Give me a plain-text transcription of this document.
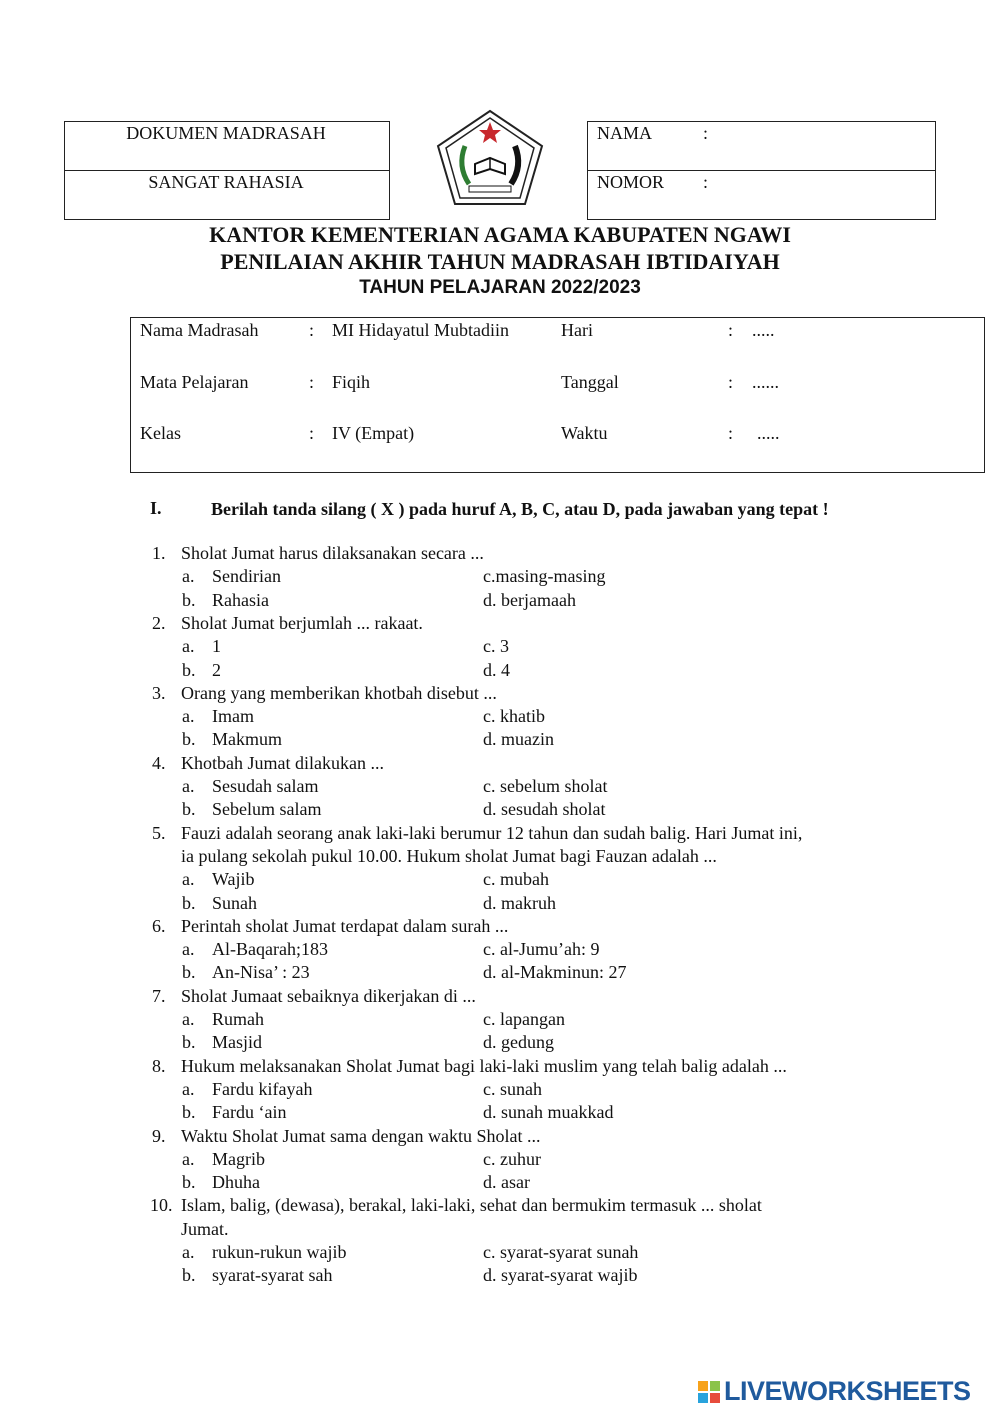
DOKUMEN MADRASAH
SANGAT RAHASIA
NAMA	:
NOMOR :
KANTOR KEMENTERIAN AGAMA KABUPATEN NGAWI
PENILAIAN AKHIR TAHUN MADRASAH IBTIDAIYAH
TAHUN PELAJARAN 2022/2023
Nama Madrasah	: MI Hidayatul Mubtadiin	Hari	: .....
Mata Pelajaran	: Fiqih	Tanggal	: ......
Kelas	: IV (Empat)	Waktu	: .....
I.	Berilah tanda silang ( X ) pada huruf A, B, C, atau D, pada jawaban yang tepat !
1. Sholat Jumat harus dilaksanakan secara ...
a. Sendirian	c.masing-masing
b. Rahasia	d. berjamaah
2. Sholat Jumat berjumlah ... rakaat.
a. 1	c. 3
b. 2	d. 4
3. Orang yang memberikan khotbah disebut ...
a. Imam	c. khatib
b. Makmum	d. muazin
4. Khotbah Jumat dilakukan ...
a. Sesudah salam	c. sebelum sholat
b. Sebelum salam	d. sesudah sholat
5. Fauzi adalah seorang anak laki-laki berumur 12 tahun dan sudah balig. Hari Jumat ini,
ia pulang sekolah pukul 10.00. Hukum sholat Jumat bagi Fauzan adalah ...
a. Wajib	c. mubah
b. Sunah	d. makruh
6. Perintah sholat Jumat terdapat dalam surah ...
a. Al-Baqarah;183	c. al-Jumu’ah: 9
b. An-Nisa’ : 23	d. al-Makminun: 27
7. Sholat Jumaat sebaiknya dikerjakan di ...
a. Rumah	c. lapangan
b. Masjid	d. gedung
8. Hukum melaksanakan Sholat Jumat bagi laki-laki muslim yang telah balig adalah ...
a. Fardu kifayah	c. sunah
b. Fardu ‘ain	d. sunah muakkad
9. Waktu Sholat Jumat sama dengan waktu Sholat ...
a. Magrib	c. zuhur
b. Dhuha	d. asar
10. Islam, balig, (dewasa), berakal, laki-laki, sehat dan bermukim termasuk ... sholat
Jumat.
a. rukun-rukun wajib	c. syarat-syarat sunah
b. syarat-syarat sah	d. syarat-syarat wajib
LIVEWORKSHEETS
